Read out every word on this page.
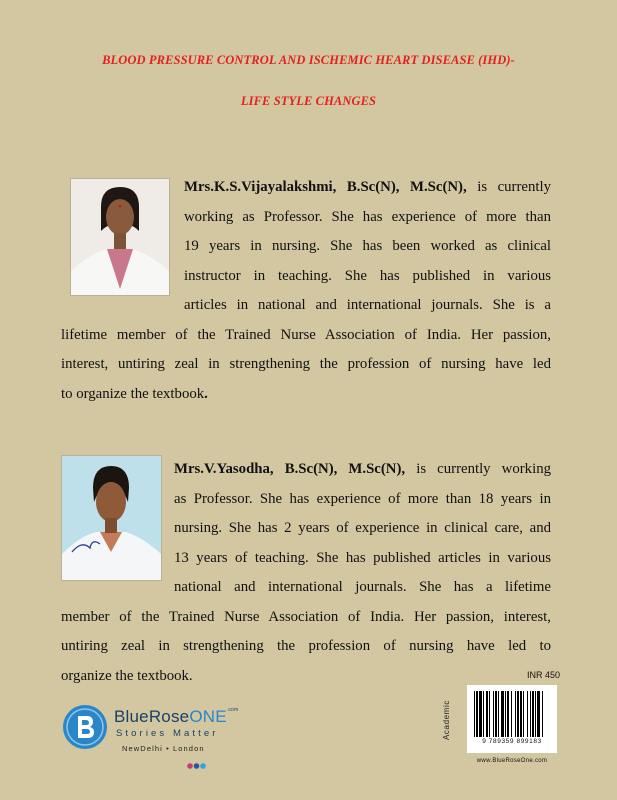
BLOOD PRESSURE CONTROL AND ISCHEMIC HEART DISEASE (IHD)-
LIFE STYLE CHANGES
Mrs.K.S.Vijayalakshmi, B.Sc(N), M.Sc(N), is currently
working as Professor. She has experience of more than
19 years in nursing. She has been worked as clinical
instructor in teaching. She has published in various
articles in national and international journals. She is a
lifetime member of the Trained Nurse Association of India. Her passion,
interest, untiring zeal in strengthening the profession of nursing have led
to organize the textbook.
Mrs.V.Yasodha, B.Sc(N), M.Sc(N), is currently working
as Professor. She has experience of more than 18 years in
nursing. She has 2 years of experience in clinical care, and
13 years of teaching. She has published articles in various
national and international journals. She has a lifetime
member of the Trained Nurse Association of India. Her passion, interest,
untiring zeal in strengthening the profession of nursing have led to
organize the textbook.	INR 450
Academic
9 789359 899183
www.BlueRoseOne.com
BlueRoseONE$^{.com}$
Stories Matter
NewDelhi • London
